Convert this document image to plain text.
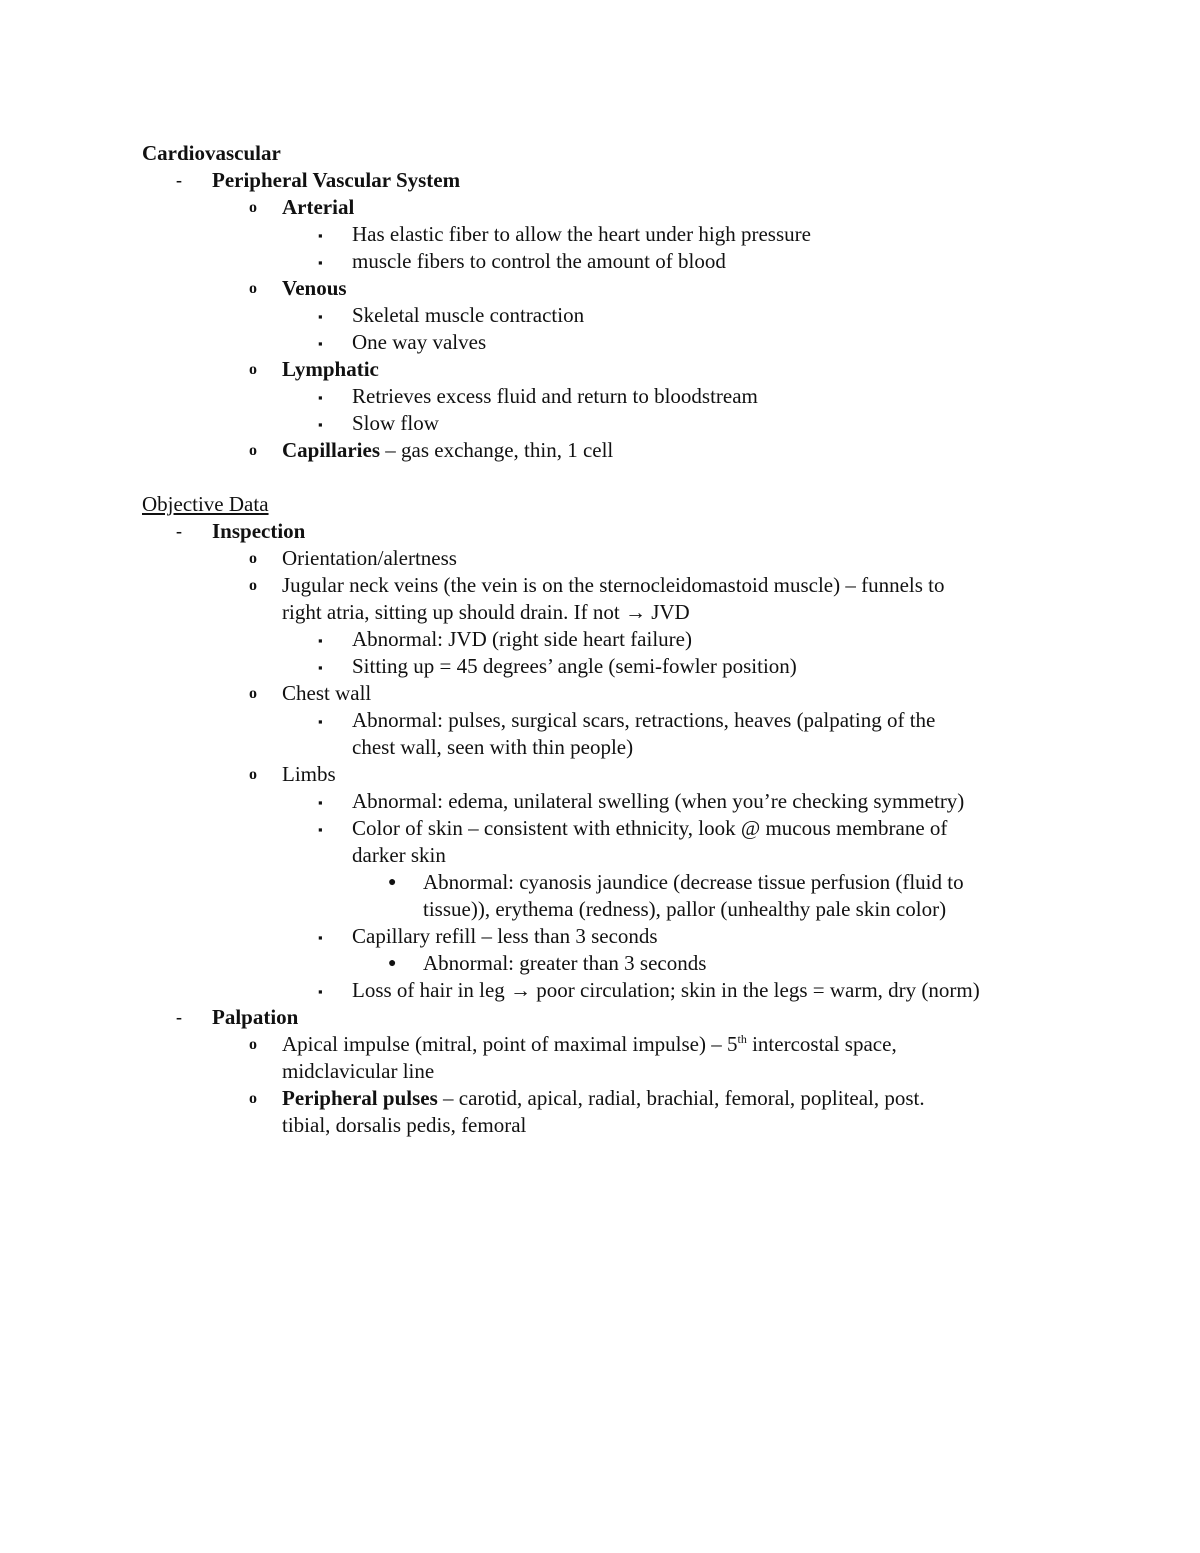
Cardiovascular
- Peripheral Vascular System
o Arterial
▪ Has elastic fiber to allow the heart under high pressure
▪ muscle fibers to control the amount of blood
o Venous
▪ Skeletal muscle contraction
▪ One way valves
o Lymphatic
▪ Retrieves excess fluid and return to bloodstream
▪ Slow flow
o Capillaries – gas exchange, thin, 1 cell
Objective Data
- Inspection
o Orientation/alertness
o Jugular neck veins (the vein is on the sternocleidomastoid muscle) – funnels to
right atria, sitting up should drain. If not → JVD
▪ Abnormal: JVD (right side heart failure)
▪ Sitting up = 45 degrees’ angle (semi-fowler position)
o Chest wall
▪ Abnormal: pulses, surgical scars, retractions, heaves (palpating of the
chest wall, seen with thin people)
o Limbs
▪ Abnormal: edema, unilateral swelling (when you’re checking symmetry)
▪ Color of skin – consistent with ethnicity, look @ mucous membrane of
darker skin
● Abnormal: cyanosis jaundice (decrease tissue perfusion (fluid to
tissue)), erythema (redness), pallor (unhealthy pale skin color)
▪ Capillary refill – less than 3 seconds
● Abnormal: greater than 3 seconds
▪ Loss of hair in leg → poor circulation; skin in the legs = warm, dry (norm)
- Palpation
o Apical impulse (mitral, point of maximal impulse) – 5th intercostal space,
midclavicular line
o Peripheral pulses – carotid, apical, radial, brachial, femoral, popliteal, post.
tibial, dorsalis pedis, femoral
